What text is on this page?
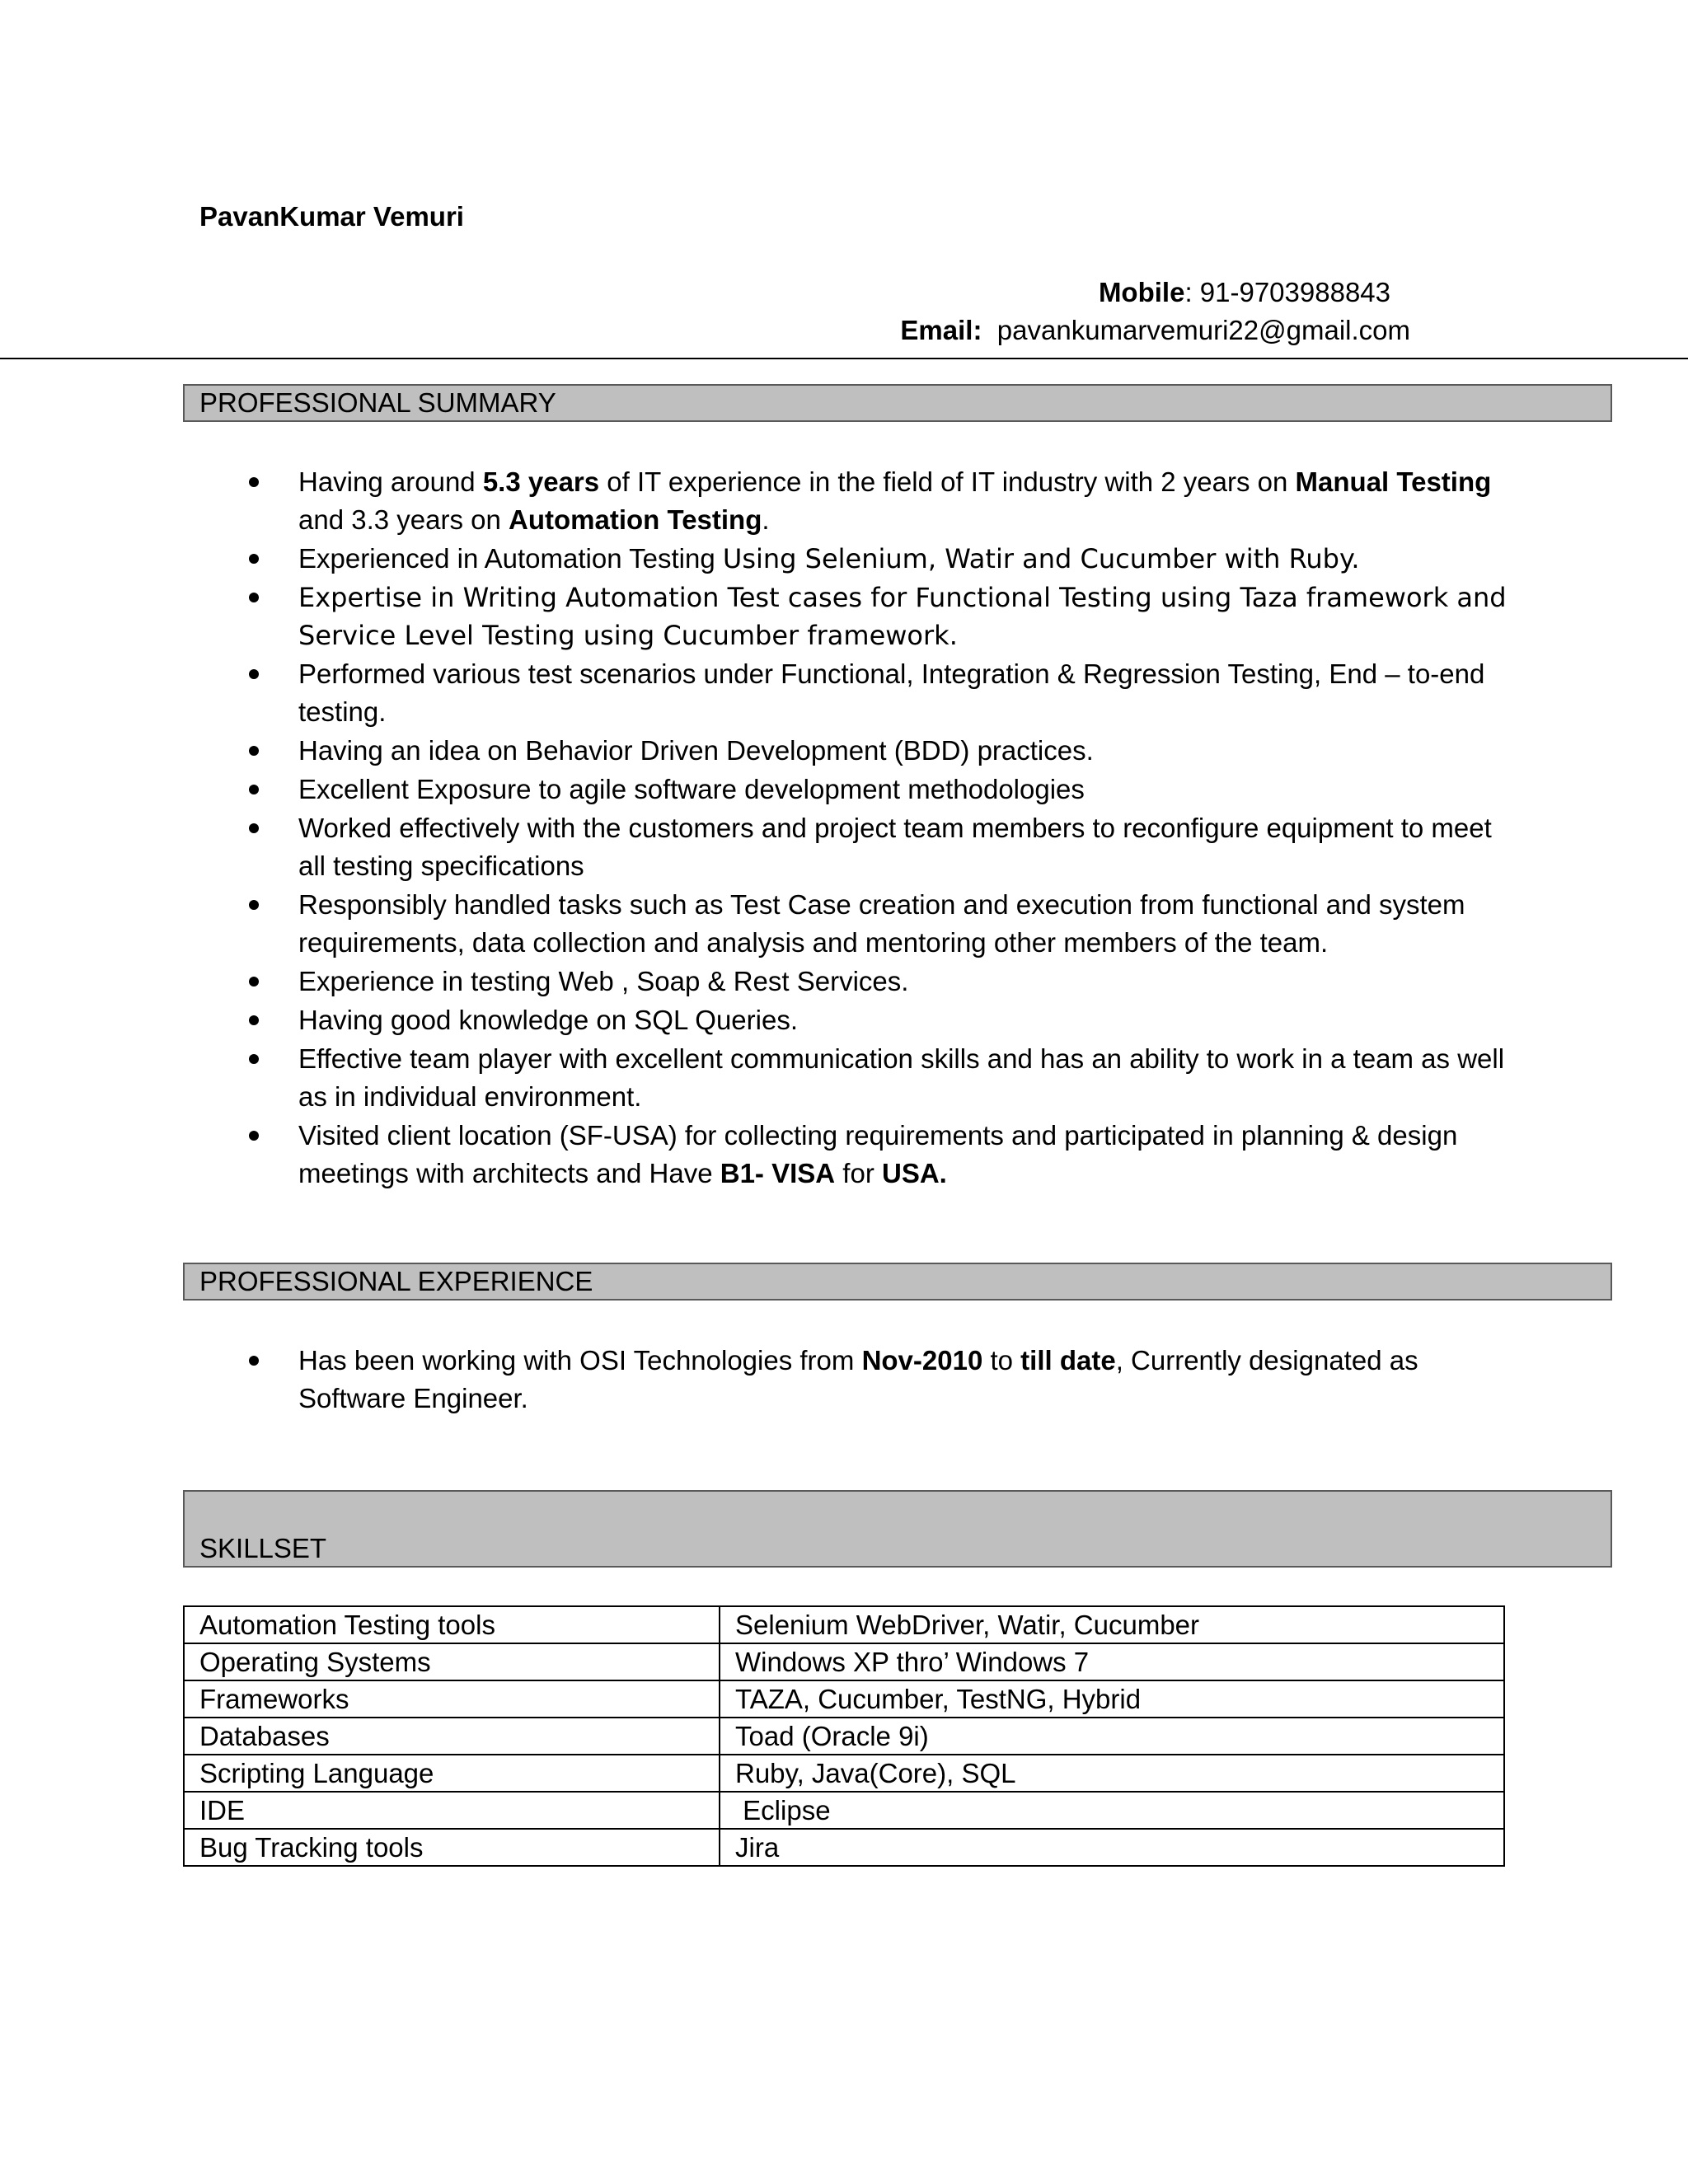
PavanKumar Vemuri
Mobile: 91-9703988843
Email:  pavankumarvemuri22@gmail.com
PROFESSIONAL SUMMARY
Having around 5.3 years of IT experience in the field of IT industry with 2 years on Manual Testing and 3.3 years on Automation Testing.
Experienced in Automation Testing Using Selenium, Watir and Cucumber with Ruby.
Expertise in Writing Automation Test cases for Functional Testing using Taza framework and Service Level Testing using Cucumber framework.
Performed various test scenarios under Functional, Integration & Regression Testing, End – to-end testing.
Having an idea on Behavior Driven Development (BDD) practices.
Excellent Exposure to agile software development methodologies
Worked effectively with the customers and project team members to reconfigure equipment to meet all testing specifications
Responsibly handled tasks such as Test Case creation and execution from functional and system requirements, data collection and analysis and mentoring other members of the team.
Experience in testing Web , Soap & Rest Services.
Having good knowledge on SQL Queries.
Effective team player with excellent communication skills and has an ability to work in a team as well as in individual environment.
Visited client location (SF-USA) for collecting requirements and participated in planning & design meetings with architects and Have B1- VISA for USA.
PROFESSIONAL EXPERIENCE
Has been working with OSI Technologies from Nov-2010 to till date, Currently designated as Software Engineer.
SKILLSET
Automation Testing tools	Selenium WebDriver, Watir, Cucumber
Operating Systems	Windows XP thro’ Windows 7
Frameworks	TAZA, Cucumber, TestNG, Hybrid
Databases	Toad (Oracle 9i)
Scripting Language	Ruby, Java(Core), SQL
IDE	Eclipse
Bug Tracking tools	Jira
